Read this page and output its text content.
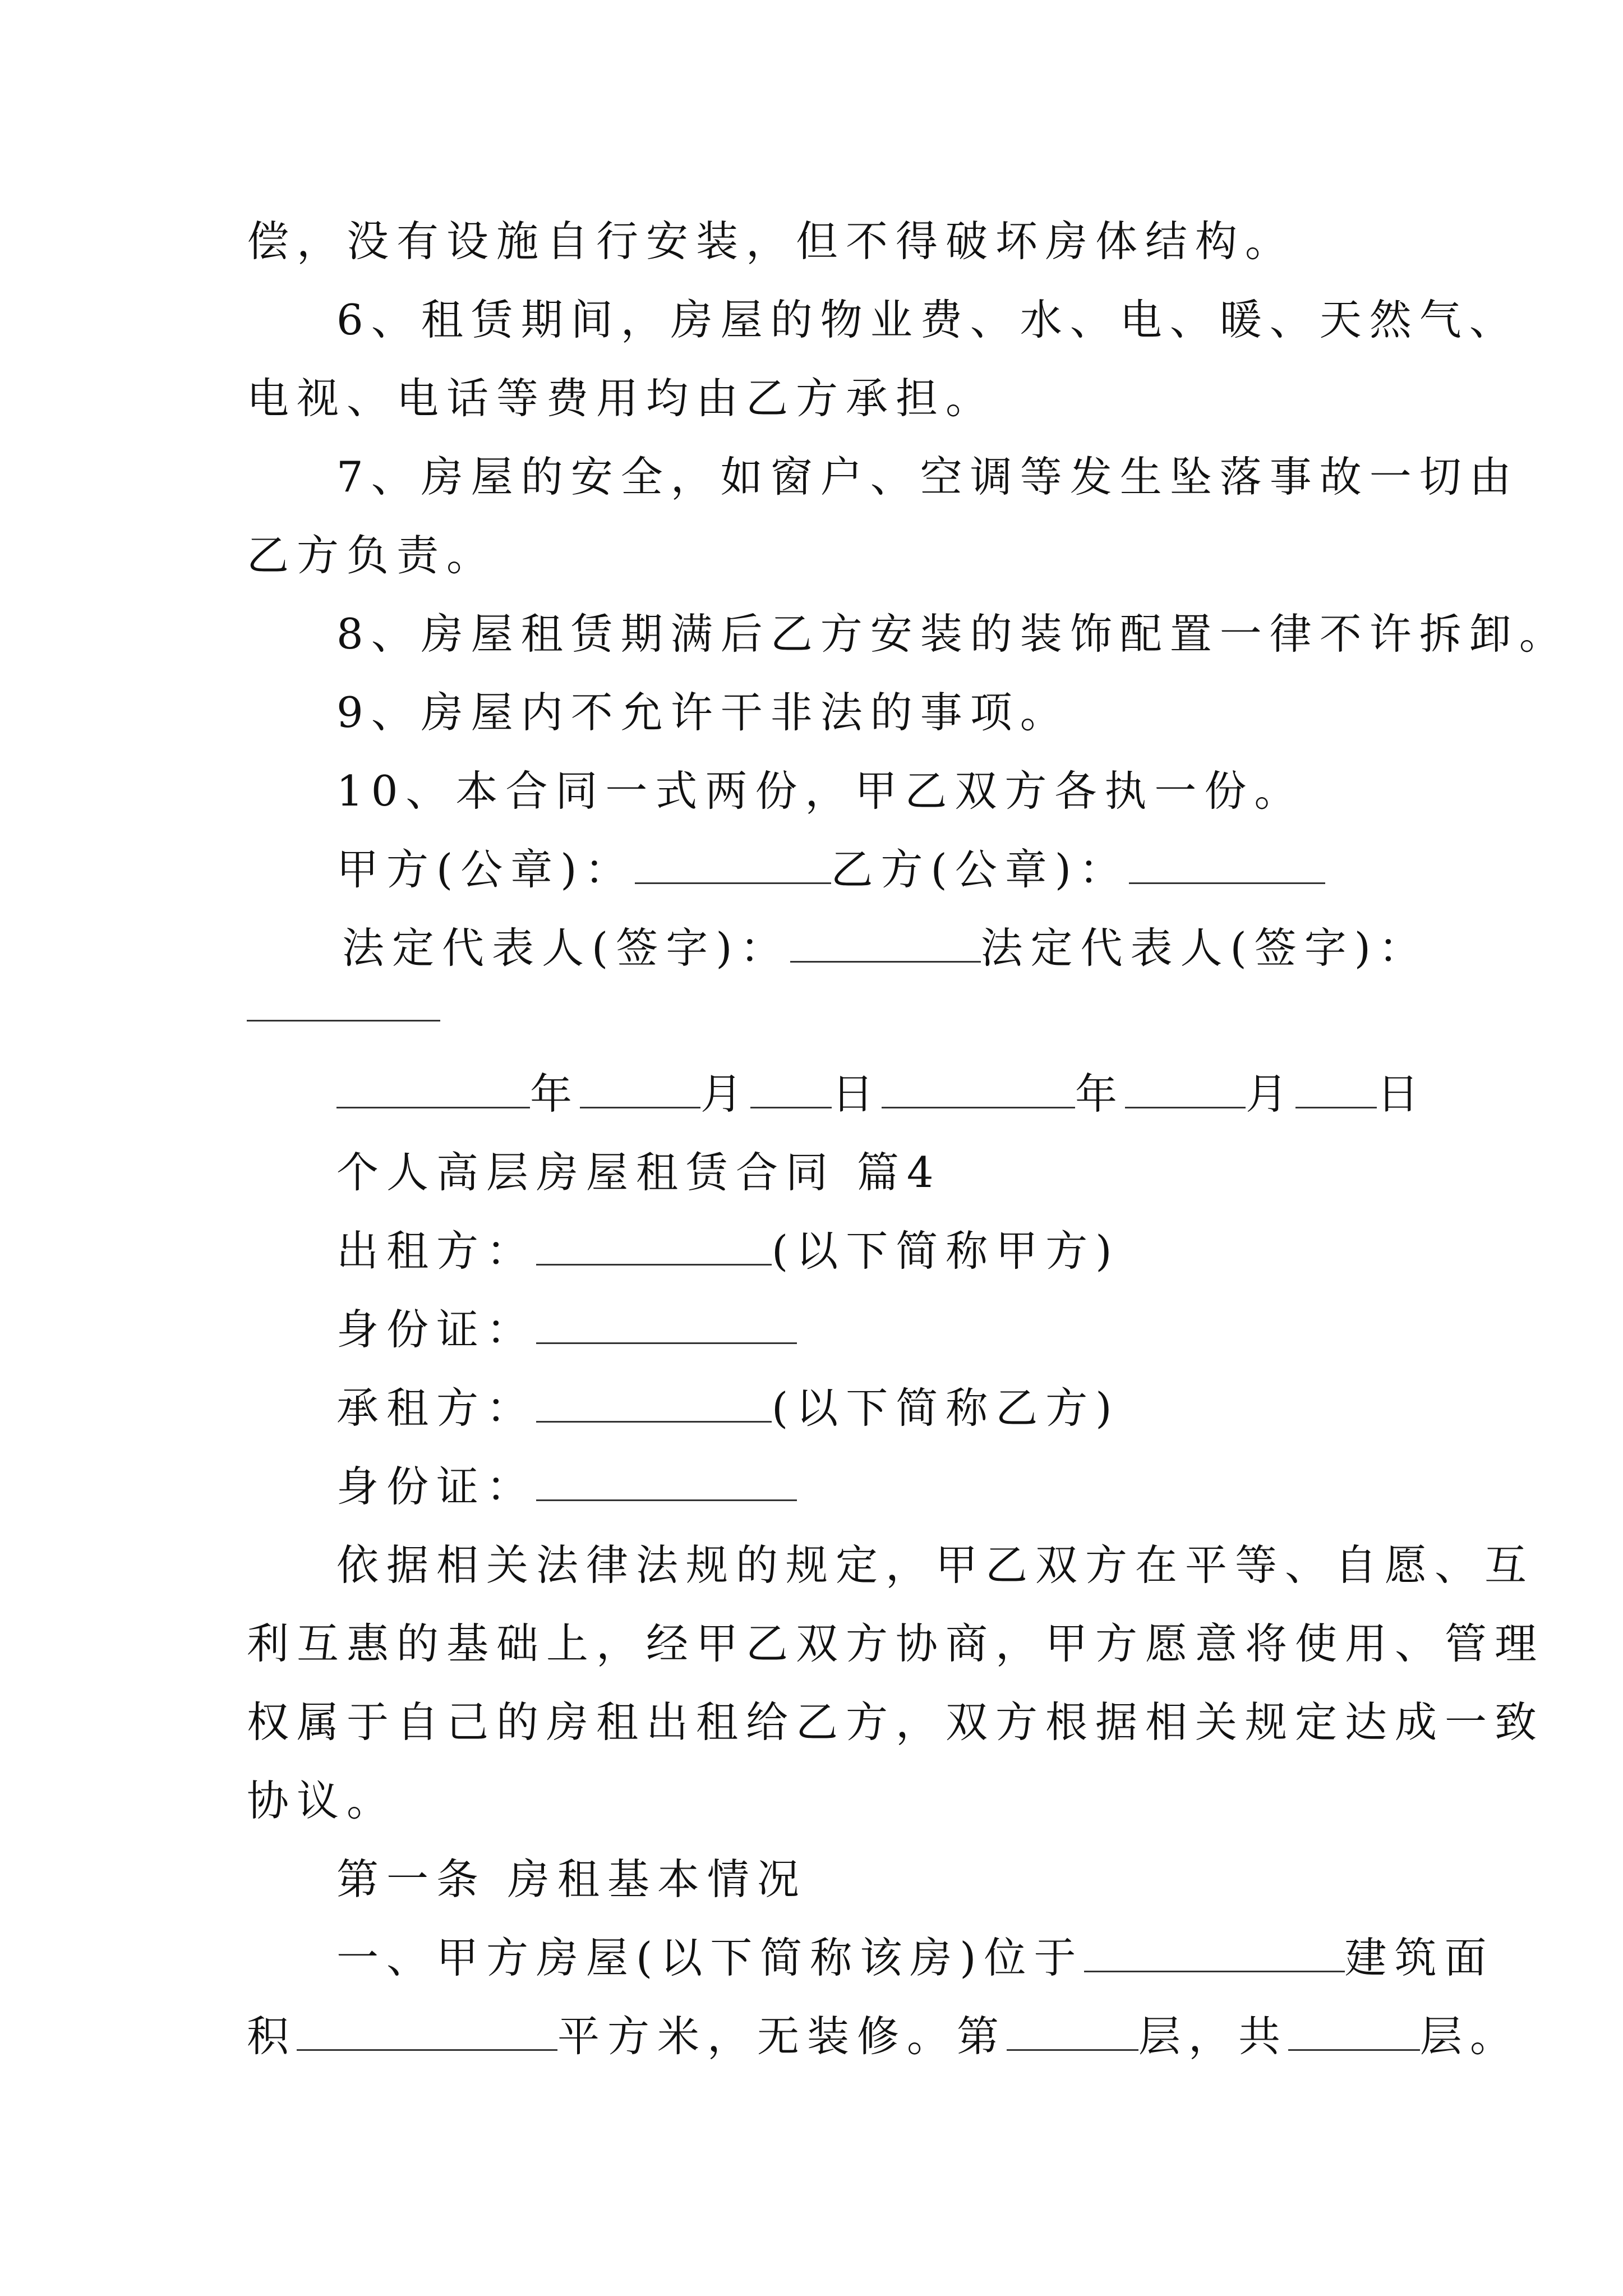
偿，没有设施自行安装，但不得破坏房体结构。
6、租赁期间，房屋的物业费、水、电、暖、天然气、
电视、电话等费用均由乙方承担。
7、房屋的安全，如窗户、空调等发生坠落事故一切由
乙方负责。
8、房屋租赁期满后乙方安装的装饰配置一律不许拆卸。
9、房屋内不允许干非法的事项。
10、本合同一式两份，甲乙双方各执一份。
甲方(公章)：	乙方(公章)：
法定代表人(签字)：	法定代表人(签字)：
年	月 日	年	月 日
个人高层房屋租赁合同 篇4
出租方：	(以下简称甲方)
身份证：
承租方：	(以下简称乙方)
身份证：
依据相关法律法规的规定，甲乙双方在平等、自愿、互
利互惠的基础上，经甲乙双方协商，甲方愿意将使用、管理
权属于自己的房租出租给乙方，双方根据相关规定达成一致
协议。
第一条 房租基本情况
一、甲方房屋(以下简称该房)位于	建筑面
积	平方米，无装修。第	层，共	层。
